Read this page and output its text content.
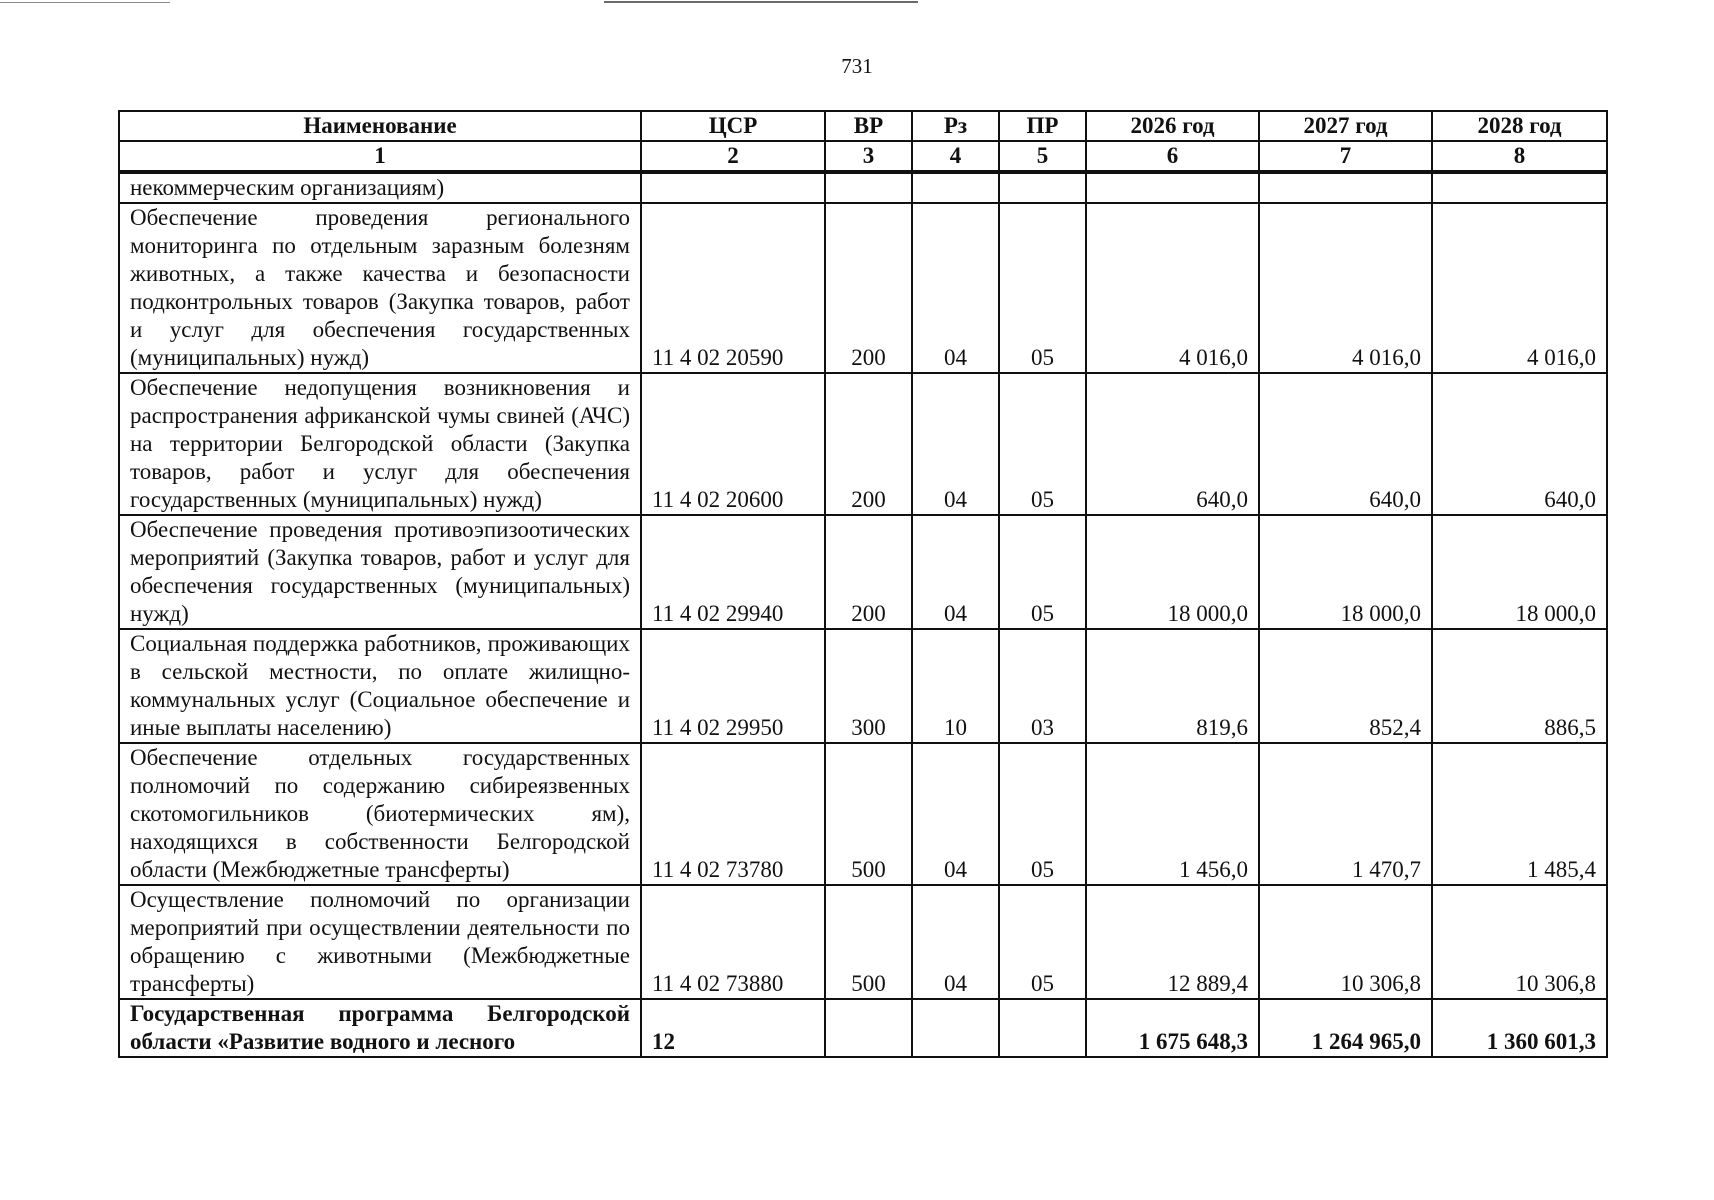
731
Наименование	ЦСР	ВР	Рз	ПР	2026 год	2027 год	2028 год
1	2	3	4	5	6	7	8
некоммерческим организациям)							
Обеспечение проведения регионального мониторинга по отдельным заразным болезням животных, а также качества и безопасности подконтрольных товаров (Закупка товаров, работ и услуг для обеспечения государственных (муниципальных) нужд)	11 4 02 20590	200	04	05	4 016,0	4 016,0	4 016,0
Обеспечение недопущения возникновения и распространения африканской чумы свиней (АЧС) на территории Белгородской области (Закупка товаров, работ и услуг для обеспечения государственных (муниципальных) нужд)	11 4 02 20600	200	04	05	640,0	640,0	640,0
Обеспечение проведения противоэпизоотических мероприятий (Закупка товаров, работ и услуг для обеспечения государственных (муниципальных) нужд)	11 4 02 29940	200	04	05	18 000,0	18 000,0	18 000,0
Социальная поддержка работников, проживающих в сельской местности, по оплате жилищно-коммунальных услуг (Социальное обеспечение и иные выплаты населению)	11 4 02 29950	300	10	03	819,6	852,4	886,5
Обеспечение отдельных государственных полномочий по содержанию сибиреязвенных скотомогильников (биотермических ям), находящихся в собственности Белгородской области (Межбюджетные трансферты)	11 4 02 73780	500	04	05	1 456,0	1 470,7	1 485,4
Осуществление полномочий по организации мероприятий при осуществлении деятельности по обращению с животными (Межбюджетные трансферты)	11 4 02 73880	500	04	05	12 889,4	10 306,8	10 306,8
Государственная программа Белгородской области «Развитие водного и лесного	12				1 675 648,3	1 264 965,0	1 360 601,3
